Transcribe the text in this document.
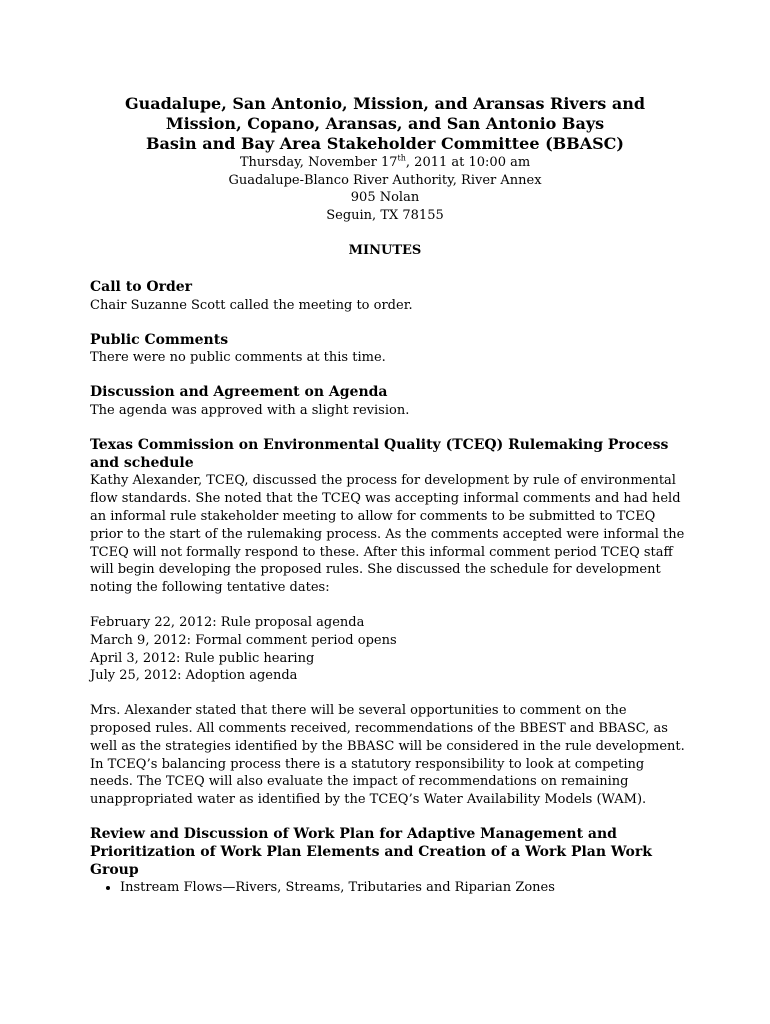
Guadalupe, San Antonio, Mission, and Aransas Rivers and
Mission, Copano, Aransas, and San Antonio Bays
Basin and Bay Area Stakeholder Committee (BBASC)
Thursday, November 17th, 2011 at 10:00 am
Guadalupe-Blanco River Authority, River Annex
905 Nolan
Seguin, TX 78155
MINUTES
Call to Order

Chair Suzanne Scott called the meeting to order.

Public Comments

There were no public comments at this time.

Discussion and Agreement on Agenda

The agenda was approved with a slight revision.

Texas Commission on Environmental Quality (TCEQ) Rulemaking Process and schedule

Kathy Alexander, TCEQ, discussed the process for development by rule of environmental flow standards. She noted that the TCEQ was accepting informal comments and had held an informal rule stakeholder meeting to allow for comments to be submitted to TCEQ prior to the start of the rulemaking process. As the comments accepted were informal the TCEQ will not formally respond to these. After this informal comment period TCEQ staff will begin developing the proposed rules. She discussed the schedule for development noting the following tentative dates:

February 22, 2012: Rule proposal agenda
March 9, 2012: Formal comment period opens
April 3, 2012: Rule public hearing
July 25, 2012: Adoption agenda

Mrs. Alexander stated that there will be several opportunities to comment on the proposed rules. All comments received, recommendations of the BBEST and BBASC, as well as the strategies identified by the BBASC will be considered in the rule development. In TCEQ’s balancing process there is a statutory responsibility to look at competing needs. The TCEQ will also evaluate the impact of recommendations on remaining unappropriated water as identified by the TCEQ’s Water Availability Models (WAM).

Review and Discussion of Work Plan for Adaptive Management and Prioritization of Work Plan Elements and Creation of a Work Plan Work Group
• Instream Flows—Rivers, Streams, Tributaries and Riparian Zones
